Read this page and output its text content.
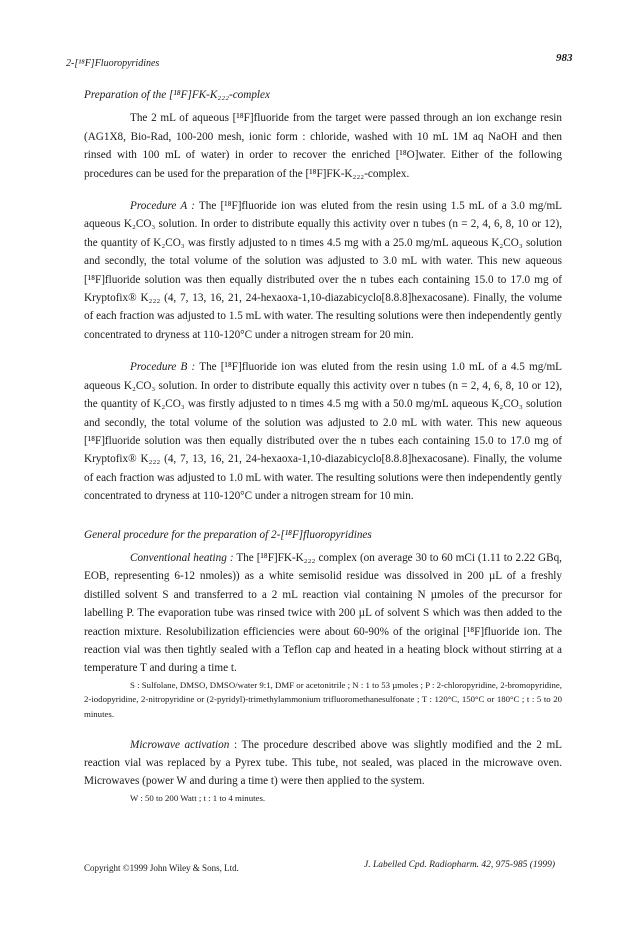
2-[¹⁸F]Fluoropyridines	983

Preparation of the [¹⁸F]FK-K₂₂₂-complex

The 2 mL of aqueous [¹⁸F]fluoride from the target were passed through an ion exchange resin (AG1X8, Bio-Rad, 100-200 mesh, ionic form : chloride, washed with 10 mL 1M aq NaOH and then rinsed with 100 mL of water) in order to recover the enriched [¹⁸O]water. Either of the following procedures can be used for the preparation of the [¹⁸F]FK-K₂₂₂-complex.

Procedure A : The [¹⁸F]fluoride ion was eluted from the resin using 1.5 mL of a 3.0 mg/mL aqueous K₂CO₃ solution. In order to distribute equally this activity over n tubes (n = 2, 4, 6, 8, 10 or 12), the quantity of K₂CO₃ was firstly adjusted to n times 4.5 mg with a 25.0 mg/mL aqueous K₂CO₃ solution and secondly, the total volume of the solution was adjusted to 3.0 mL with water. This new aqueous [¹⁸F]fluoride solution was then equally distributed over the n tubes each containing 15.0 to 17.0 mg of Kryptofix® K₂₂₂ (4, 7, 13, 16, 21, 24-hexaoxa-1,10-diazabicyclo[8.8.8]hexacosane). Finally, the volume of each fraction was adjusted to 1.5 mL with water. The resulting solutions were then independently gently concentrated to dryness at 110-120°C under a nitrogen stream for 20 min.

Procedure B : The [¹⁸F]fluoride ion was eluted from the resin using 1.0 mL of a 4.5 mg/mL aqueous K₂CO₃ solution. In order to distribute equally this activity over n tubes (n = 2, 4, 6, 8, 10 or 12), the quantity of K₂CO₃ was firstly adjusted to n times 4.5 mg with a 50.0 mg/mL aqueous K₂CO₃ solution and secondly, the total volume of the solution was adjusted to 2.0 mL with water. This new aqueous [¹⁸F]fluoride solution was then equally distributed over the n tubes each containing 15.0 to 17.0 mg of Kryptofix® K₂₂₂ (4, 7, 13, 16, 21, 24-hexaoxa-1,10-diazabicyclo[8.8.8]hexacosane). Finally, the volume of each fraction was adjusted to 1.0 mL with water. The resulting solutions were then independently gently concentrated to dryness at 110-120°C under a nitrogen stream for 10 min.

General procedure for the preparation of 2-[¹⁸F]fluoropyridines

Conventional heating : The [¹⁸F]FK-K₂₂₂ complex (on average 30 to 60 mCi (1.11 to 2.22 GBq, EOB, representing 6-12 nmoles)) as a white semisolid residue was dissolved in 200 µL of a freshly distilled solvent S and transferred to a 2 mL reaction vial containing N µmoles of the precursor for labelling P. The evaporation tube was rinsed twice with 200 µL of solvent S which was then added to the reaction mixture. Resolubilization efficiencies were about 60-90% of the original [¹⁸F]fluoride ion. The reaction vial was then tightly sealed with a Teflon cap and heated in a heating block without stirring at a temperature T and during a time t.

S : Sulfolane, DMSO, DMSO/water 9:1, DMF or acetonitrile ; N : 1 to 53 µmoles ; P : 2-chloropyridine, 2-bromopyridine, 2-iodopyridine, 2-nitropyridine or (2-pyridyl)-trimethylammonium trifluoromethanesulfonate ; T : 120°C, 150°C or 180°C ; t : 5 to 20 minutes.

Microwave activation : The procedure described above was slightly modified and the 2 mL reaction vial was replaced by a Pyrex tube. This tube, not sealed, was placed in the microwave oven. Microwaves (power W and during a time t) were then applied to the system.

W : 50 to 200 Watt ; t : 1 to 4 minutes.

Copyright ©1999 John Wiley & Sons, Ltd.	J. Labelled Cpd. Radiopharm. 42, 975-985 (1999)
